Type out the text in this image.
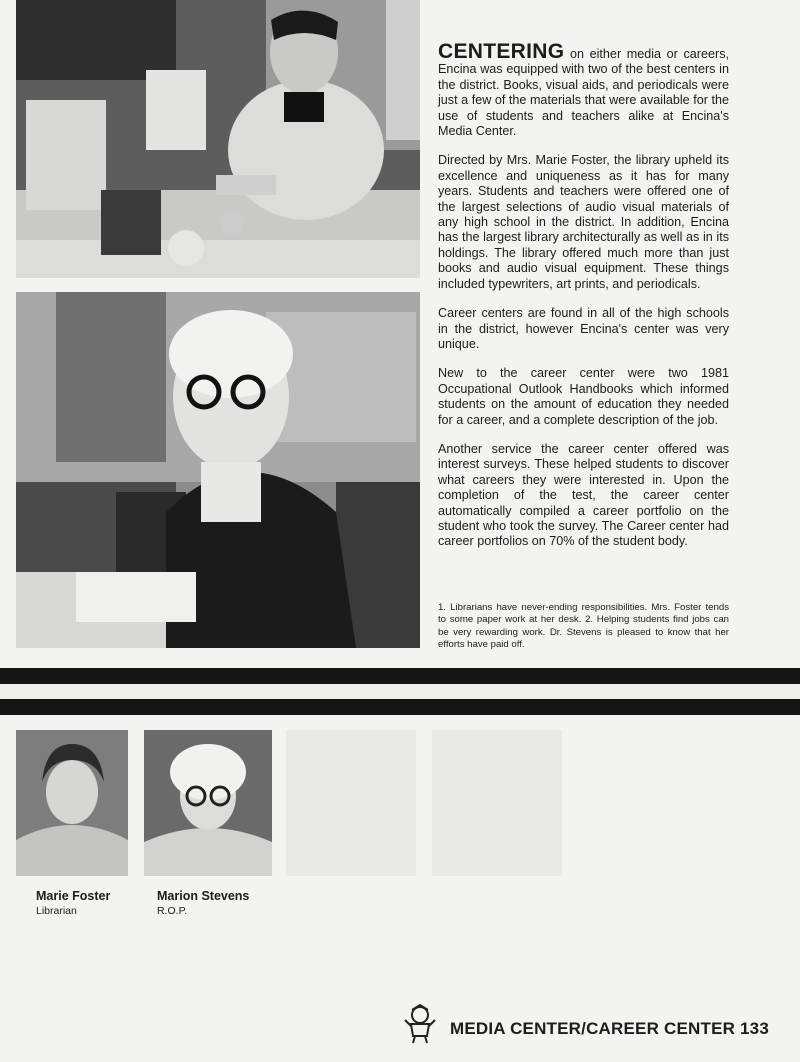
CENTERING on either media or careers, Encina was equipped with two of the best centers in the district. Books, visual aids, and periodicals were just a few of the materials that were available for the use of students and teachers alike at Encina's Media Center.

Directed by Mrs. Marie Foster, the library upheld its excellence and uniqueness as it has for many years. Students and teachers were offered one of the largest selections of audio visual materials of any high school in the district. In addition, Encina has the largest library architecturally as well as in its holdings. The library offered much more than just books and audio visual equipment. These things included typewriters, art prints, and periodicals.

Career centers are found in all of the high schools in the district, however Encina's center was very unique.

New to the career center were two 1981 Occupational Outlook Handbooks which informed students on the amount of education they needed for a career, and a complete description of the job.

Another service the career center offered was interest surveys. These helped students to discover what careers they were interested in. Upon the completion of the test, the career center automatically compiled a career portfolio on the student who took the survey. The Career center had career portfolios on 70% of the student body.

1. Librarians have never-ending responsibilities. Mrs. Foster tends to some paper work at her desk. 2. Helping students find jobs can be very rewarding work. Dr. Stevens is pleased to know that her efforts have paid off.
Marie Foster
Librarian
Marion Stevens
R.O.P.
MEDIA CENTER/CAREER CENTER 133
